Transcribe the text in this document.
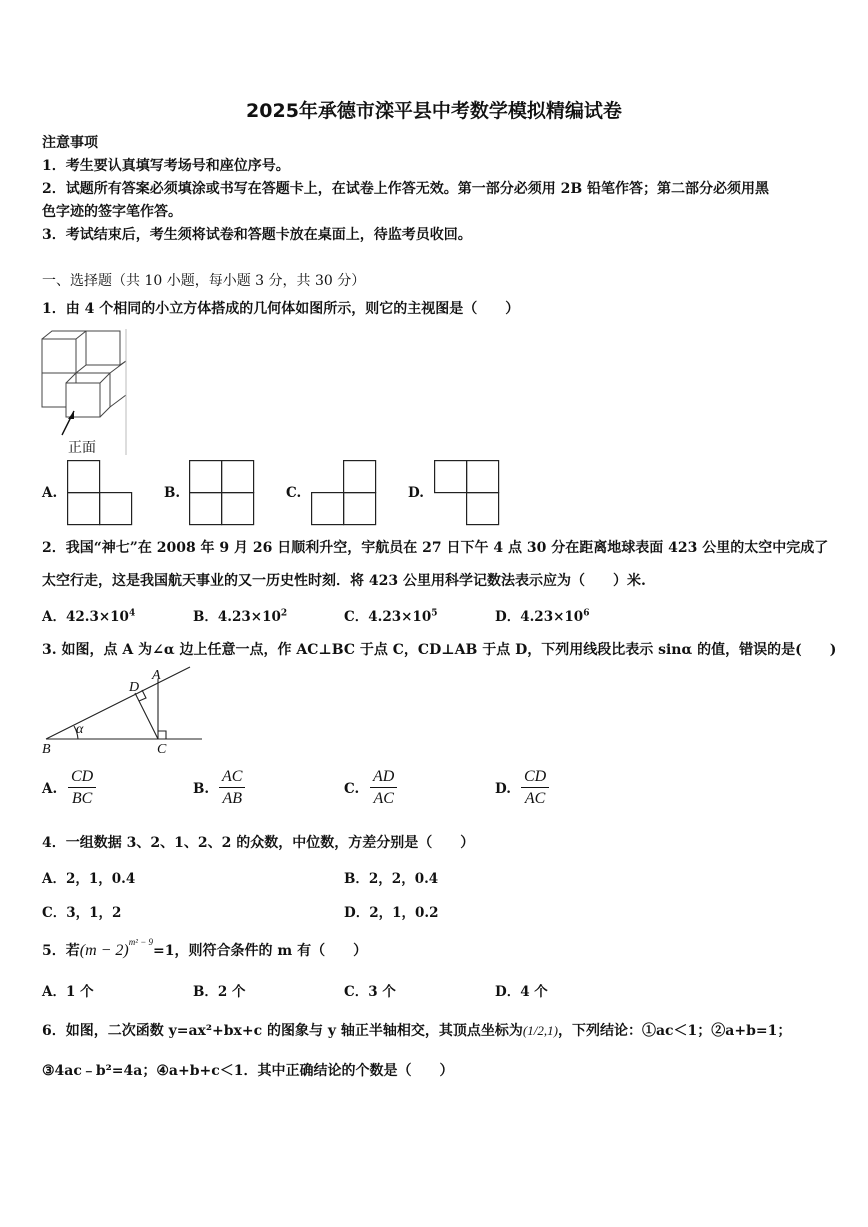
2025年承德市滦平县中考数学模拟精编试卷
注意事项
1．考生要认真填写考场号和座位序号。
2．试题所有答案必须填涂或书写在答题卡上，在试卷上作答无效。第一部分必须用 2B 铅笔作答；第二部分必须用黑
色字迹的签字笔作答。
3．考试结束后，考生须将试卷和答题卡放在桌面上，待监考员收回。
一、选择题（共 10 小题，每小题 3 分，共 30 分）
1．由 4 个相同的小立方体搭成的几何体如图所示，则它的主视图是（　　）
正面
A.	B.	C.	D.
2．我国“神七”在 2008 年 9 月 26 日顺利升空，宇航员在 27 日下午 4 点 30 分在距离地球表面 423 公里的太空中完成了
太空行走，这是我国航天事业的又一历史性时刻．将 423 公里用科学记数法表示应为（　　）米.
A．$42.3\times 10^4$	B．$4.23\times 10^2$	C．$4.23\times 10^5$	D．$4.23\times 10^6$
3. 如图，点 A 为∠α 边上任意一点，作 AC⊥BC 于点 C，CD⊥AB 于点 D，下列用线段比表示 sinα 的值，错误的是(　　)
B	C
D
A
α
A. $\frac{CD}{BC}$	B. $\frac{AC}{AB}$	C. $\frac{AD}{AC}$	D. $\frac{CD}{AC}$
4．一组数据 3、2、1、2、2 的众数，中位数，方差分别是（　　）
A．2，1，0.4	B．2，2，0.4
C．3，1，2	D．2，1，0.2
5．若$(m - 2)^{m^2 - 9}=1$，则符合条件的 m 有（　　）
A．1 个	B．2 个	C．3 个	D．4 个
6．如图，二次函数 y=ax²+bx+c 的图象与 y 轴正半轴相交，其顶点坐标为(1/2,1)，下列结论：①ac＜1；②a+b=1；
③4ac﹣b²=4a；④a+b+c＜1．其中正确结论的个数是（　　）
